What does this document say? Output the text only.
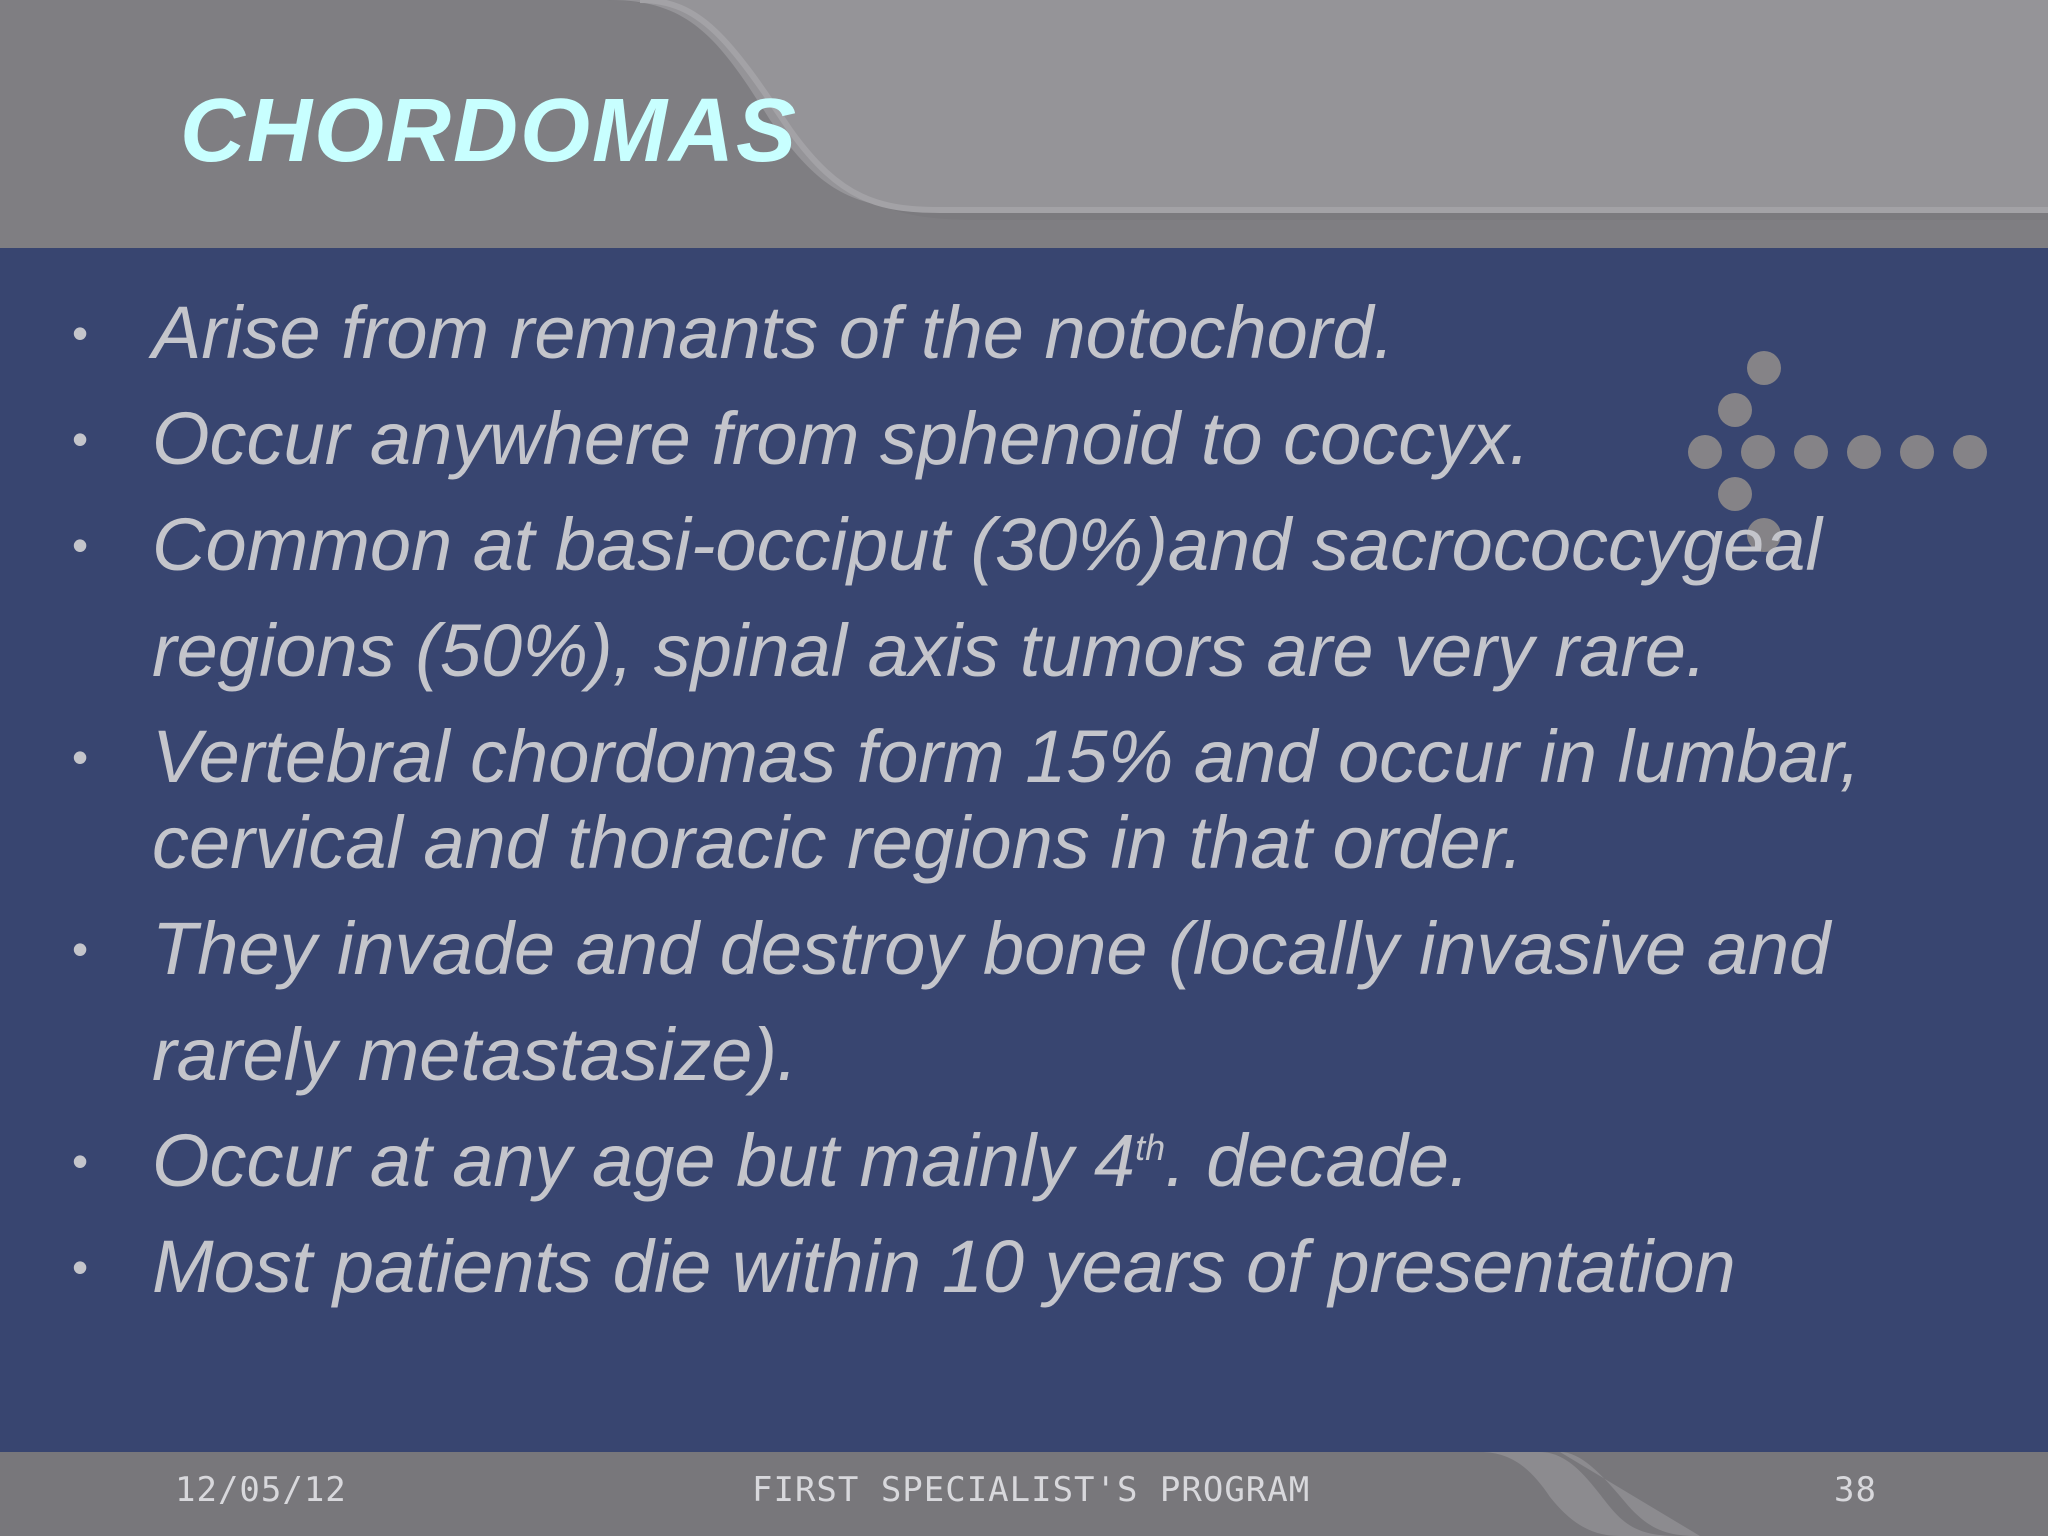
CHORDOMAS
• Arise from remnants of the notochord.
• Occur anywhere from sphenoid to coccyx.
• Common at basi-occiput (30%)and sacrococcygeal regions (50%), spinal axis tumors are very rare.
• Vertebral chordomas form 15% and occur in lumbar, cervical and thoracic regions in that order.
• They invade and destroy bone (locally invasive and rarely metastasize).
• Occur at any age but mainly 4th. decade.
• Most patients die within 10 years of presentation
12/05/12	FIRST SPECIALIST'S PROGRAM	38
